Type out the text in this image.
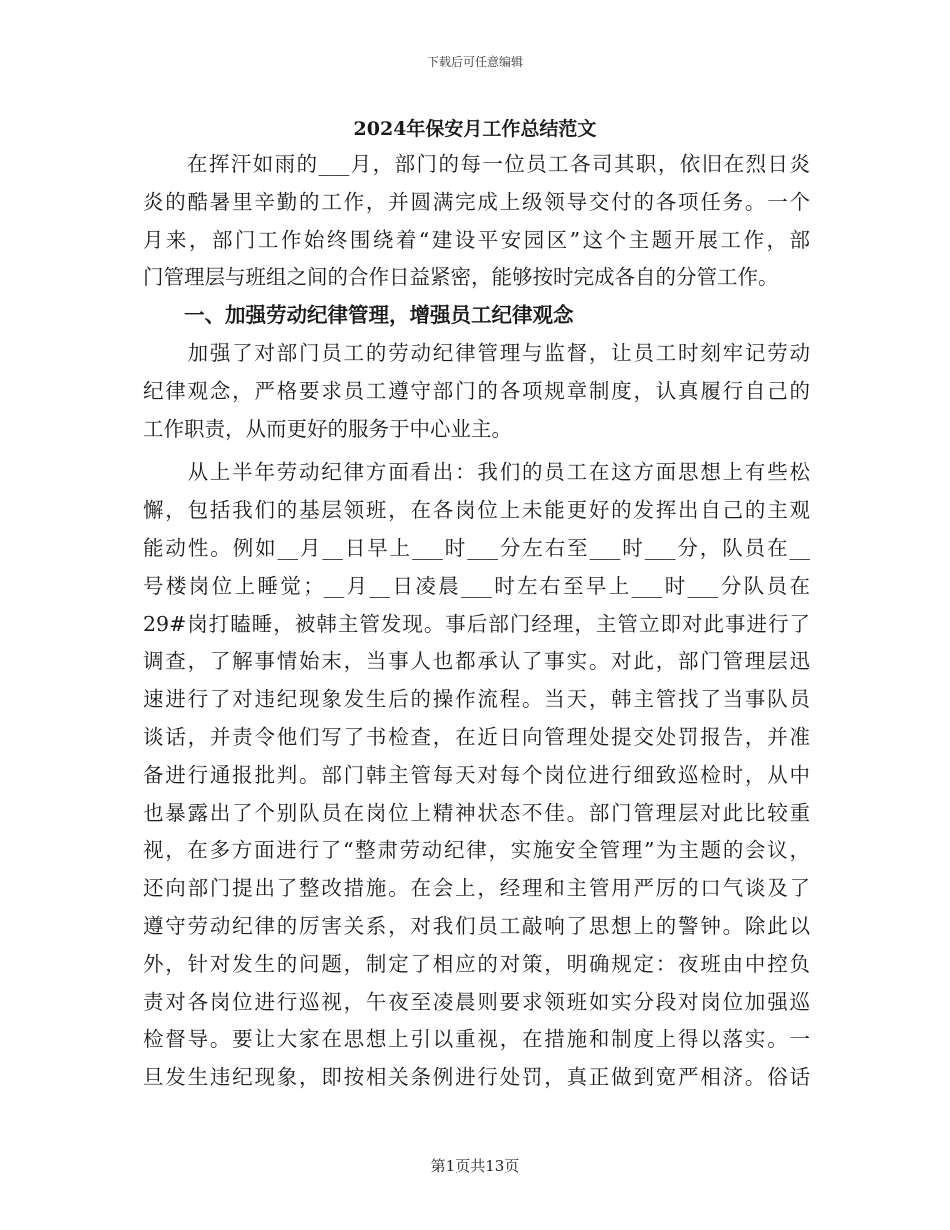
下载后可任意编辑
2024年保安月工作总结范文
　　在挥汗如雨的___月，部门的每一位员工各司其职，依旧在烈日炎
炎的酷暑里辛勤的工作，并圆满完成上级领导交付的各项任务。一个
月来，部门工作始终围绕着“建设平安园区”这个主题开展工作，部
门管理层与班组之间的合作日益紧密，能够按时完成各自的分管工作。
　　一、加强劳动纪律管理，增强员工纪律观念
　　加强了对部门员工的劳动纪律管理与监督，让员工时刻牢记劳动
纪律观念，严格要求员工遵守部门的各项规章制度，认真履行自己的
工作职责，从而更好的服务于中心业主。
　　从上半年劳动纪律方面看出：我们的员工在这方面思想上有些松
懈，包括我们的基层领班，在各岗位上未能更好的发挥出自己的主观
能动性。例如__月__日早上___时___分左右至___时___分，队员在__
号楼岗位上睡觉；__月__日凌晨___时左右至早上___时___分队员在
29#岗打瞌睡，被韩主管发现。事后部门经理，主管立即对此事进行了
调查，了解事情始末，当事人也都承认了事实。对此，部门管理层迅
速进行了对违纪现象发生后的操作流程。当天，韩主管找了当事队员
谈话，并责令他们写了书检查，在近日向管理处提交处罚报告，并准
备进行通报批判。部门韩主管每天对每个岗位进行细致巡检时，从中
也暴露出了个别队员在岗位上精神状态不佳。部门管理层对此比较重
视，在多方面进行了“整肃劳动纪律，实施安全管理”为主题的会议，
还向部门提出了整改措施。在会上，经理和主管用严厉的口气谈及了
遵守劳动纪律的厉害关系，对我们员工敲响了思想上的警钟。除此以
外，针对发生的问题，制定了相应的对策，明确规定：夜班由中控负
责对各岗位进行巡视，午夜至凌晨则要求领班如实分段对岗位加强巡
检督导。要让大家在思想上引以重视，在措施和制度上得以落实。一
旦发生违纪现象，即按相关条例进行处罚，真正做到宽严相济。俗话
第1页共13页
